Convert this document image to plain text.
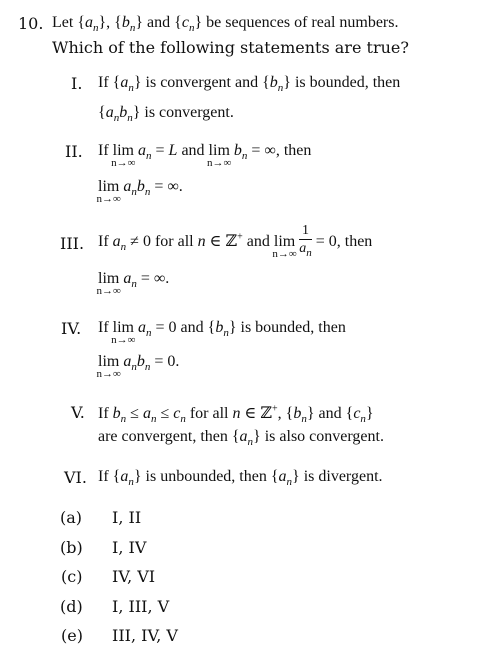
10. Let $\{a_n\}$, $\{b_n\}$ and $\{c_n\}$ be sequences of real numbers.
Which of the following statements are true?
I. If $\{a_n\}$ is convergent and $\{b_n\}$ is bounded, then
$\{a_nb_n\}$ is convergent.
II. If lim
n→∞
$a_n = L$ and lim
n→∞
$b_n$ = ∞, then
lim
n→∞
$a_nb_n$ = ∞.
III. If $a_n \ne 0$ for all n ∈ ℤ+ and lim
n→∞
$\frac{1}{a_n} = 0$, then
lim
n→∞
$a_n$ = ∞.
IV. If lim
n→∞
$a_n = 0$ and $\{b_n\}$ is bounded, then
lim
n→∞
$a_nb_n = 0$.
V. If $b_n \le a_n \le c_n$ for all n ∈ ℤ+, $\{b_n\}$ and $\{c_n\}$
are convergent, then $\{a_n\}$ is also convergent.
VI. If $\{a_n\}$ is unbounded, then $\{a_n\}$ is divergent.
(a) I, II
(b) I, IV
(c) IV, VI
(d) I, III, V
(e) III, IV, V
